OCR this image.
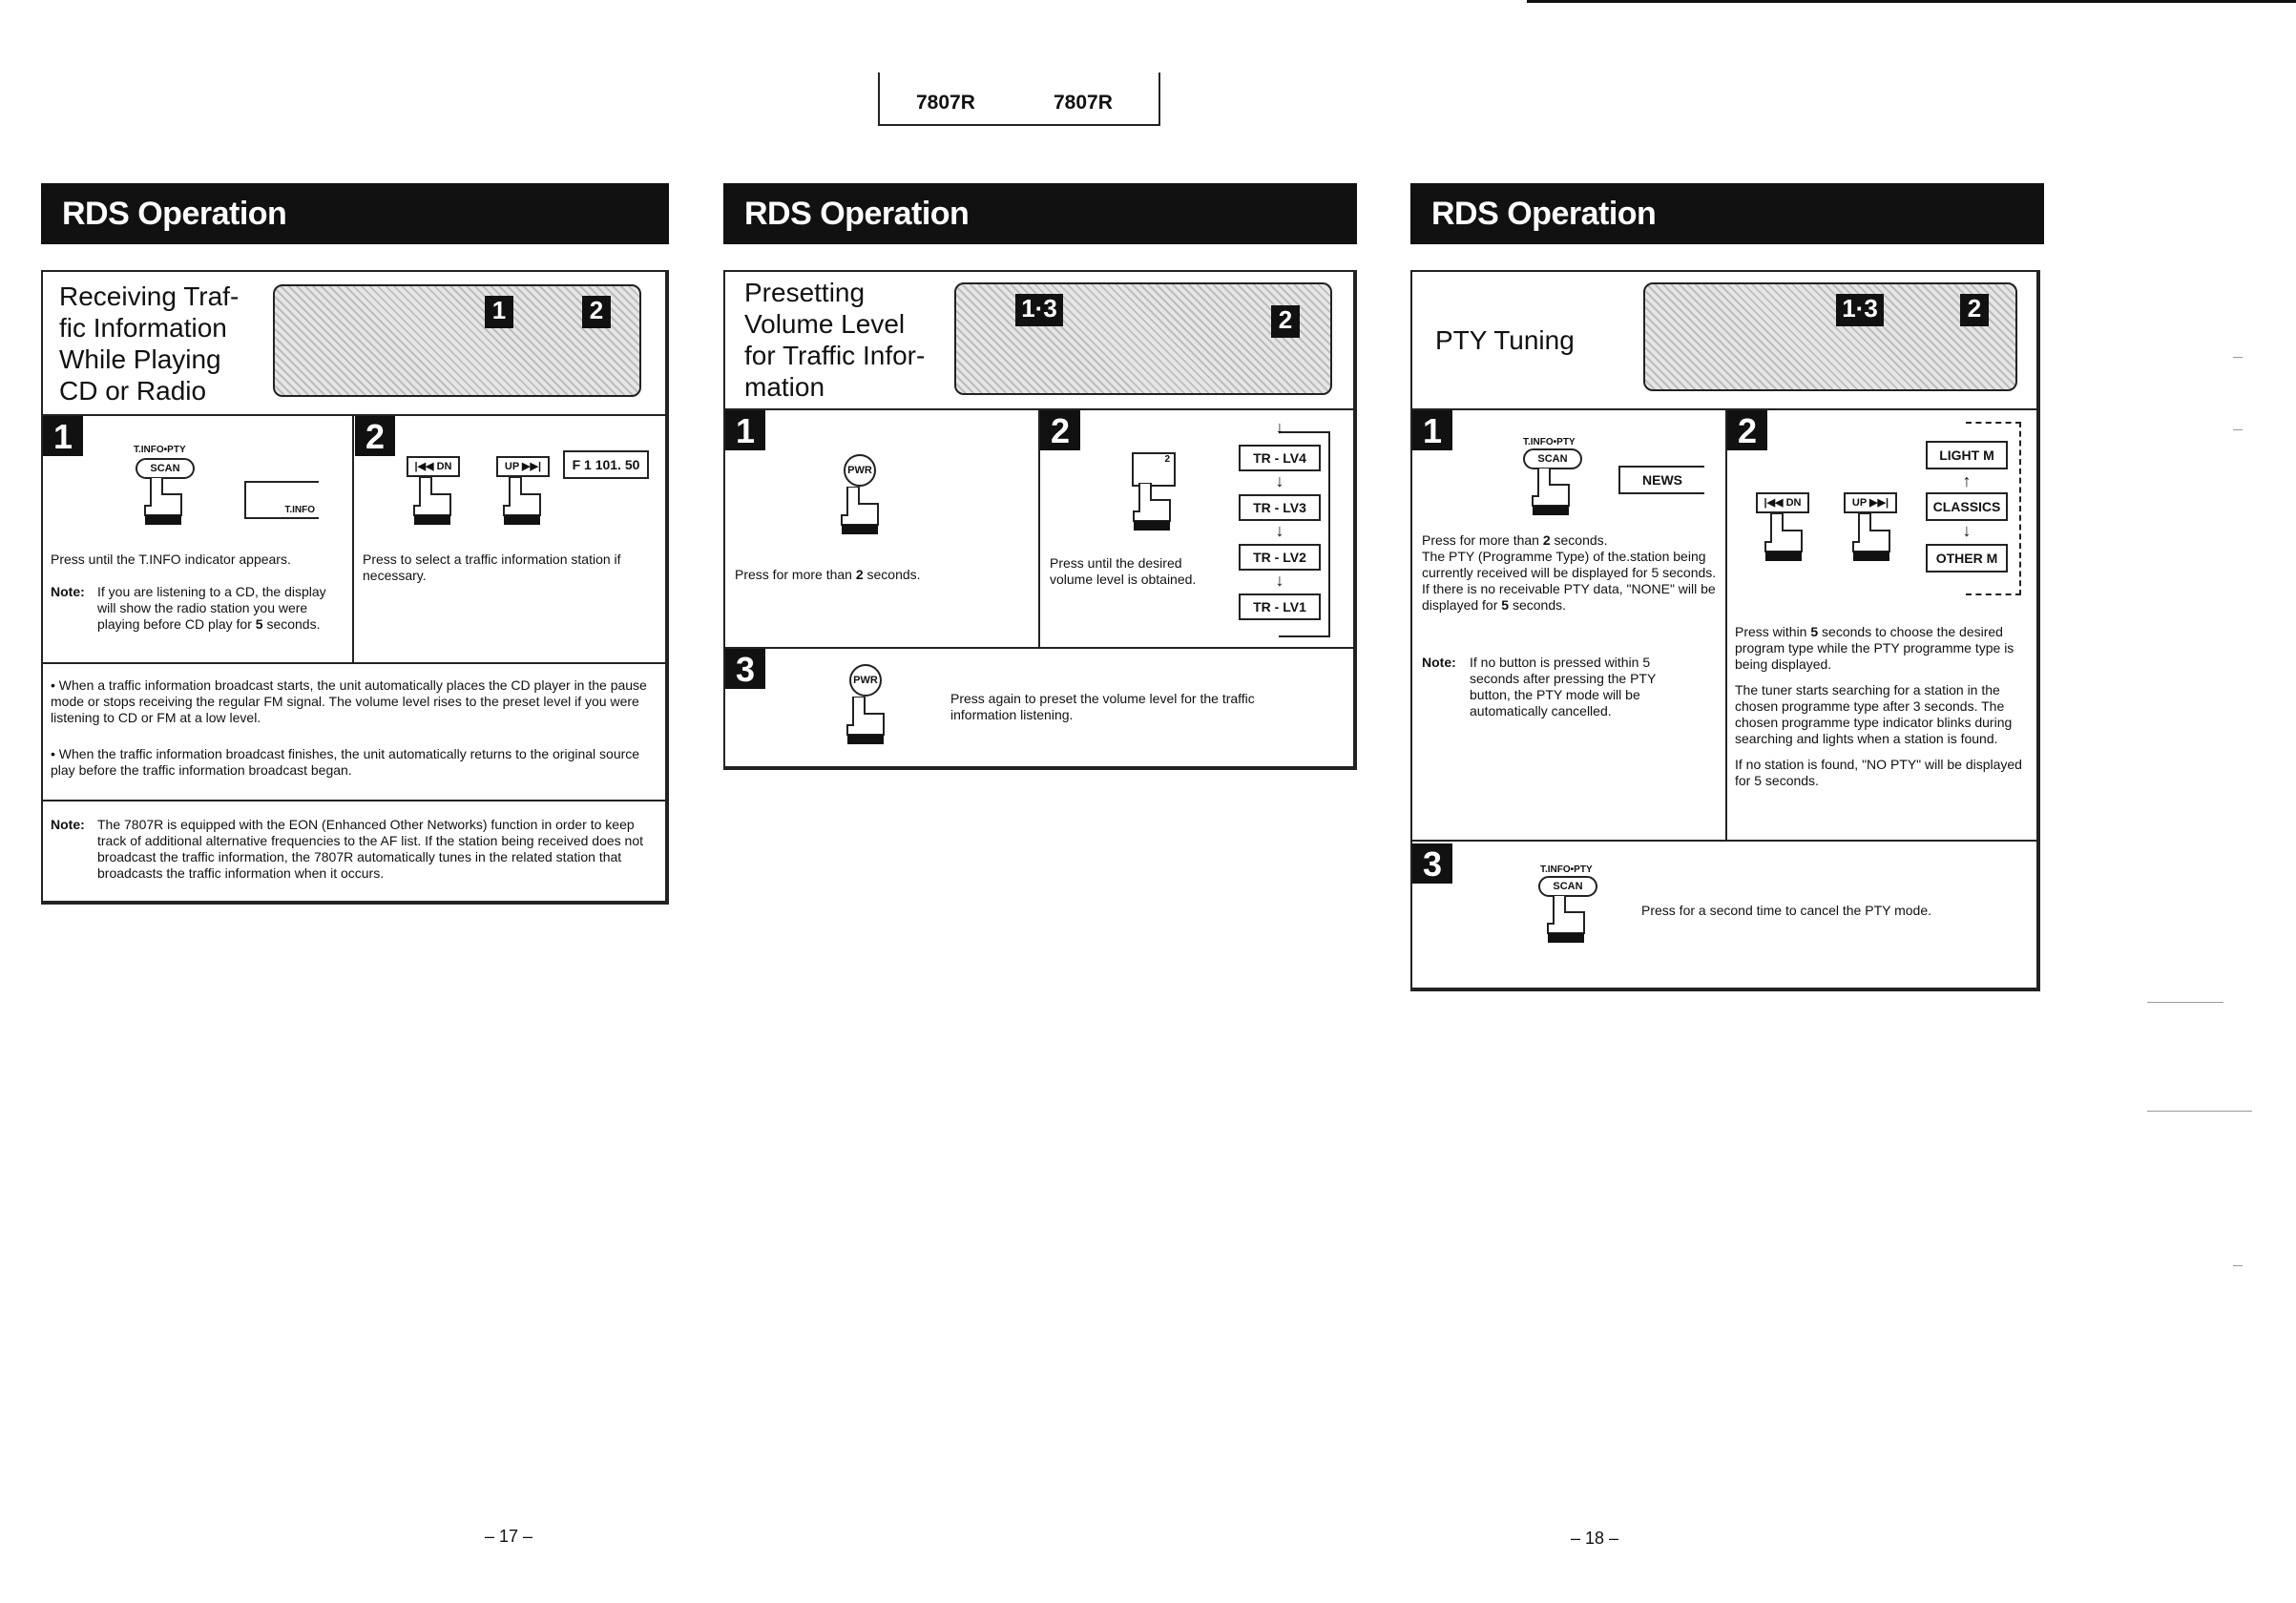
7807R	7807R
RDS Operation
Receiving Traf-
fic Information
While Playing
CD or Radio
1	2
1	T.INFO•PTY
SCAN
T.INFO
Press until the T.INFO indicator appears.
Note: If you are listening to a CD, the display will show the radio station you were playing before CD play for 5 seconds.
2
|◀◀ DN	UP ▶▶|	F 1 101. 50
Press to select a traffic information station if necessary.
• When a traffic information broadcast starts, the unit automatically places the CD player in the pause mode or stops receiving the regular FM signal. The volume level rises to the preset level if you were listening to CD or FM at a low level.
• When the traffic information broadcast finishes, the unit automatically returns to the original source play before the traffic information broadcast began.
Note: The 7807R is equipped with the EON (Enhanced Other Networks) function in order to keep track of additional alternative frequencies to the AF list. If the station being received does not broadcast the traffic information, the 7807R automatically tunes in the related station that broadcasts the traffic information when it occurs.
RDS Operation
Presetting
Volume Level
for Traffic Infor-
mation
1·3	2
1
PWR
Press for more than 2 seconds.
2
2
Press until the desired volume level is obtained.
↓
TR - LV4
↓
TR - LV3
↓
TR - LV2
↓
TR - LV1
3	PWR
Press again to preset the volume level for the traffic information listening.
RDS Operation
PTY Tuning
1·3	2
1	T.INFO•PTY
SCAN
NEWS
Press for more than 2 seconds.
The PTY (Programme Type) of the.station being currently received will be displayed for 5 seconds.
If there is no receivable PTY data, "NONE" will be displayed for 5 seconds.
Note: If no button is pressed within 5 seconds after pressing the PTY button, the PTY mode will be automatically cancelled.
2
|◀◀ DN	UP ▶▶|
LIGHT M
↑
CLASSICS
↓
OTHER M
Press within 5 seconds to choose the desired program type while the PTY programme type is being displayed.
The tuner starts searching for a station in the chosen programme type after 3 seconds. The chosen programme type indicator blinks during searching and lights when a station is found.
If no station is found, "NO PTY" will be displayed for 5 seconds.
3	T.INFO•PTY
SCAN
Press for a second time to cancel the PTY mode.
– 17 –	– 18 –
